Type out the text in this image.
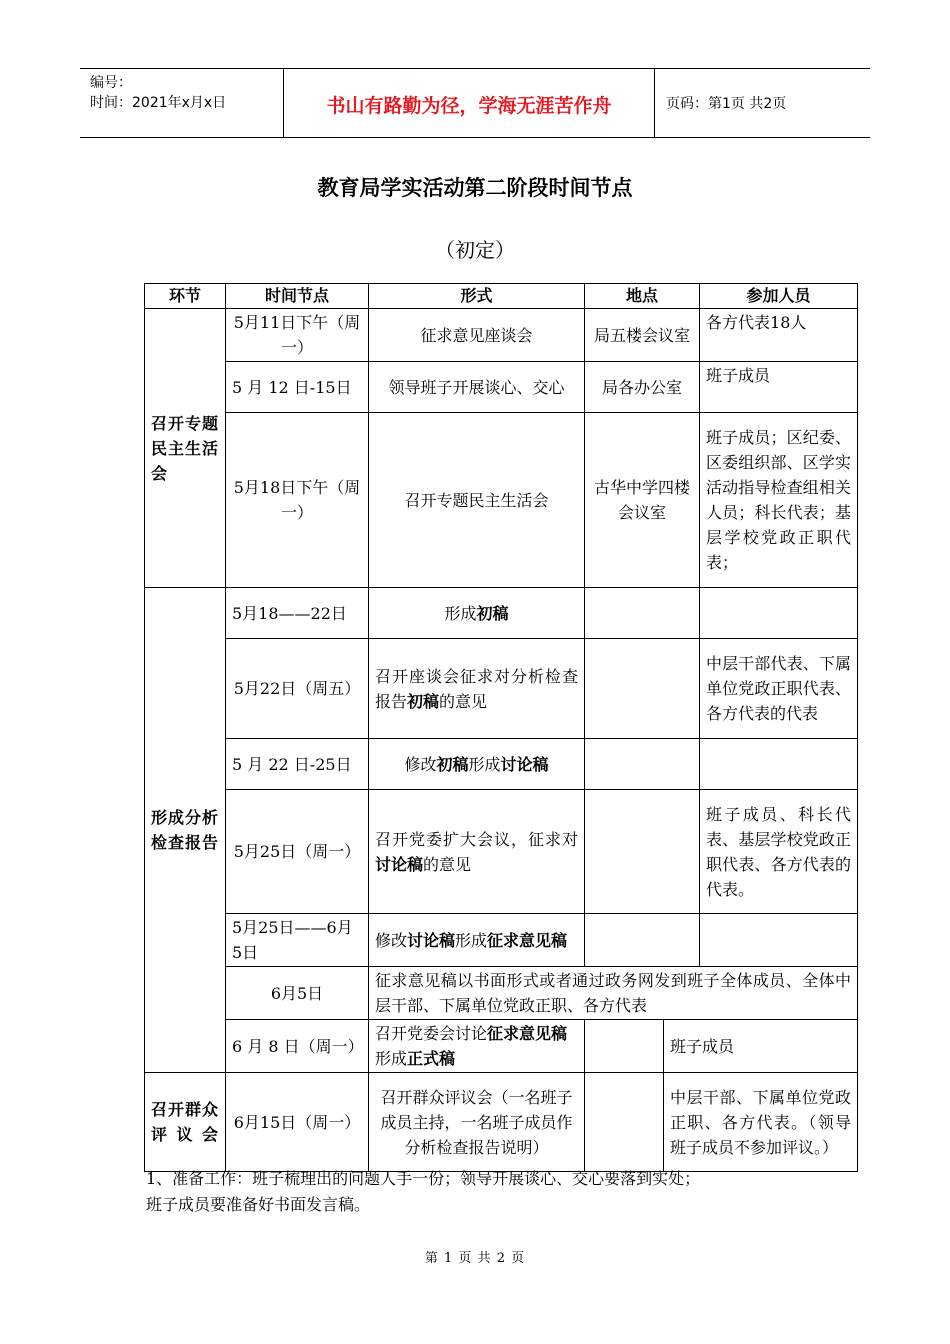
编号：
时间：2021年x月x日	书山有路勤为径，学海无涯苦作舟	页码：第1页 共2页
教育局学实活动第二阶段时间节点
（初定）
环节	时间节点	形式	地点		参加人员
召开专题民主生活会	5月11日下午（周一）	征求意见座谈会	局五楼会议室		各方代表18人
	5 月 12 日-15日	领导班子开展谈心、交心	局各办公室		班子成员
	5月18日下午（周一）	召开专题民主生活会	古华中学四楼会议室		班子成员；区纪委、区委组织部、区学实活动指导检查组相关人员；科长代表；基层学校党政正职代表；
形成分析检查报告	5月18——22日	形成初稿			
	5月22日（周五）	召开座谈会征求对分析检查报告初稿的意见			中层干部代表、下属单位党政正职代表、各方代表的代表
	5 月 22 日-25日	修改初稿形成讨论稿			
	5月25日（周一）	召开党委扩大会议，征求对讨论稿的意见			班子成员、科长代表、基层学校党政正职代表、各方代表的代表。
	5月25日——6月5日	修改讨论稿形成征求意见稿			
	6月5日	征求意见稿以书面形式或者通过政务网发到班子全体成员、全体中层干部、下属单位党政正职、各方代表			
	6 月 8 日（周一）	召开党委会讨论征求意见稿形成正式稿		班子成员	
召开群众评议会	6月15日（周一）	召开群众评议会（一名班子成员主持，一名班子成员作分析检查报告说明）		中层干部、下属单位党政正职、各方代表。（领导班子成员不参加评议。）	
1、准备工作：班子梳理出的问题人手一份；领导开展谈心、交心要落到实处；
班子成员要准备好书面发言稿。
第 1 页 共 2 页
